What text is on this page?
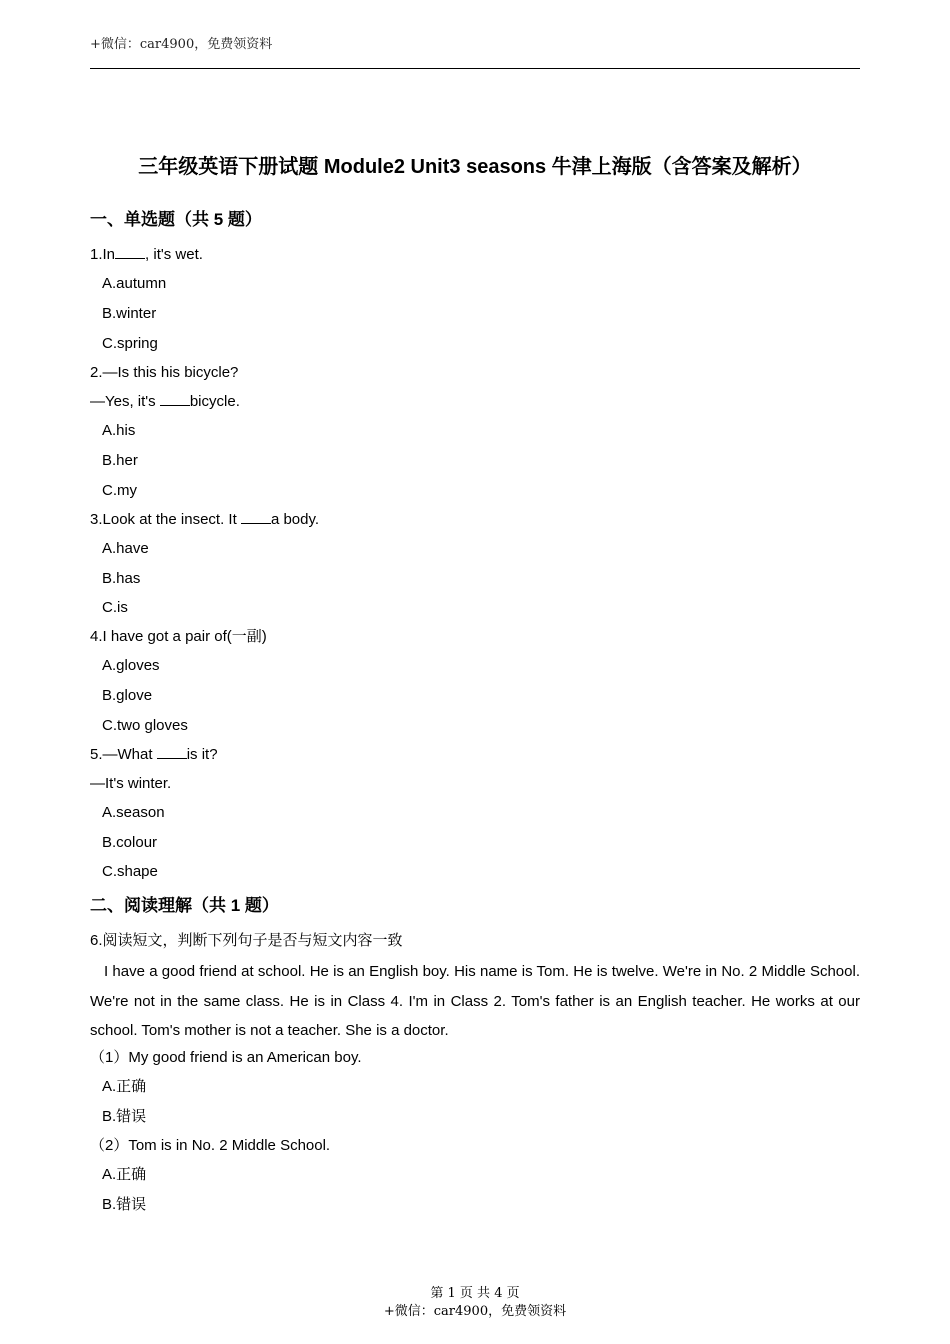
+微信：car4900，免费领资料
三年级英语下册试题 Module2 Unit3 seasons 牛津上海版（含答案及解析）
一、单选题（共 5 题）
1.In , it's wet.
A.autumn
B.winter
C.spring
2.—Is this his bicycle?
—Yes, it's bicycle.
A.his
B.her
C.my
3.Look at the insect. It a body.
A.have
B.has
C.is
4.I have got a pair of(一副)
A.gloves
B.glove
C.two gloves
5.—What is it?
—It's winter.
A.season
B.colour
C.shape
二、阅读理解（共 1 题）
6.阅读短文，判断下列句子是否与短文内容一致
I have a good friend at school. He is an English boy. His name is Tom. He is twelve. We're in No. 2 Middle School. We're not in the same class. He is in Class 4. I'm in Class 2. Tom's father is an English teacher. He works at our school. Tom's mother is not a teacher. She is a doctor.
（1）My good friend is an American boy.
A.正确
B.错误
（2）Tom is in No. 2 Middle School.
A.正确
B.错误
第 1 页 共 4 页
+微信：car4900，免费领资料
